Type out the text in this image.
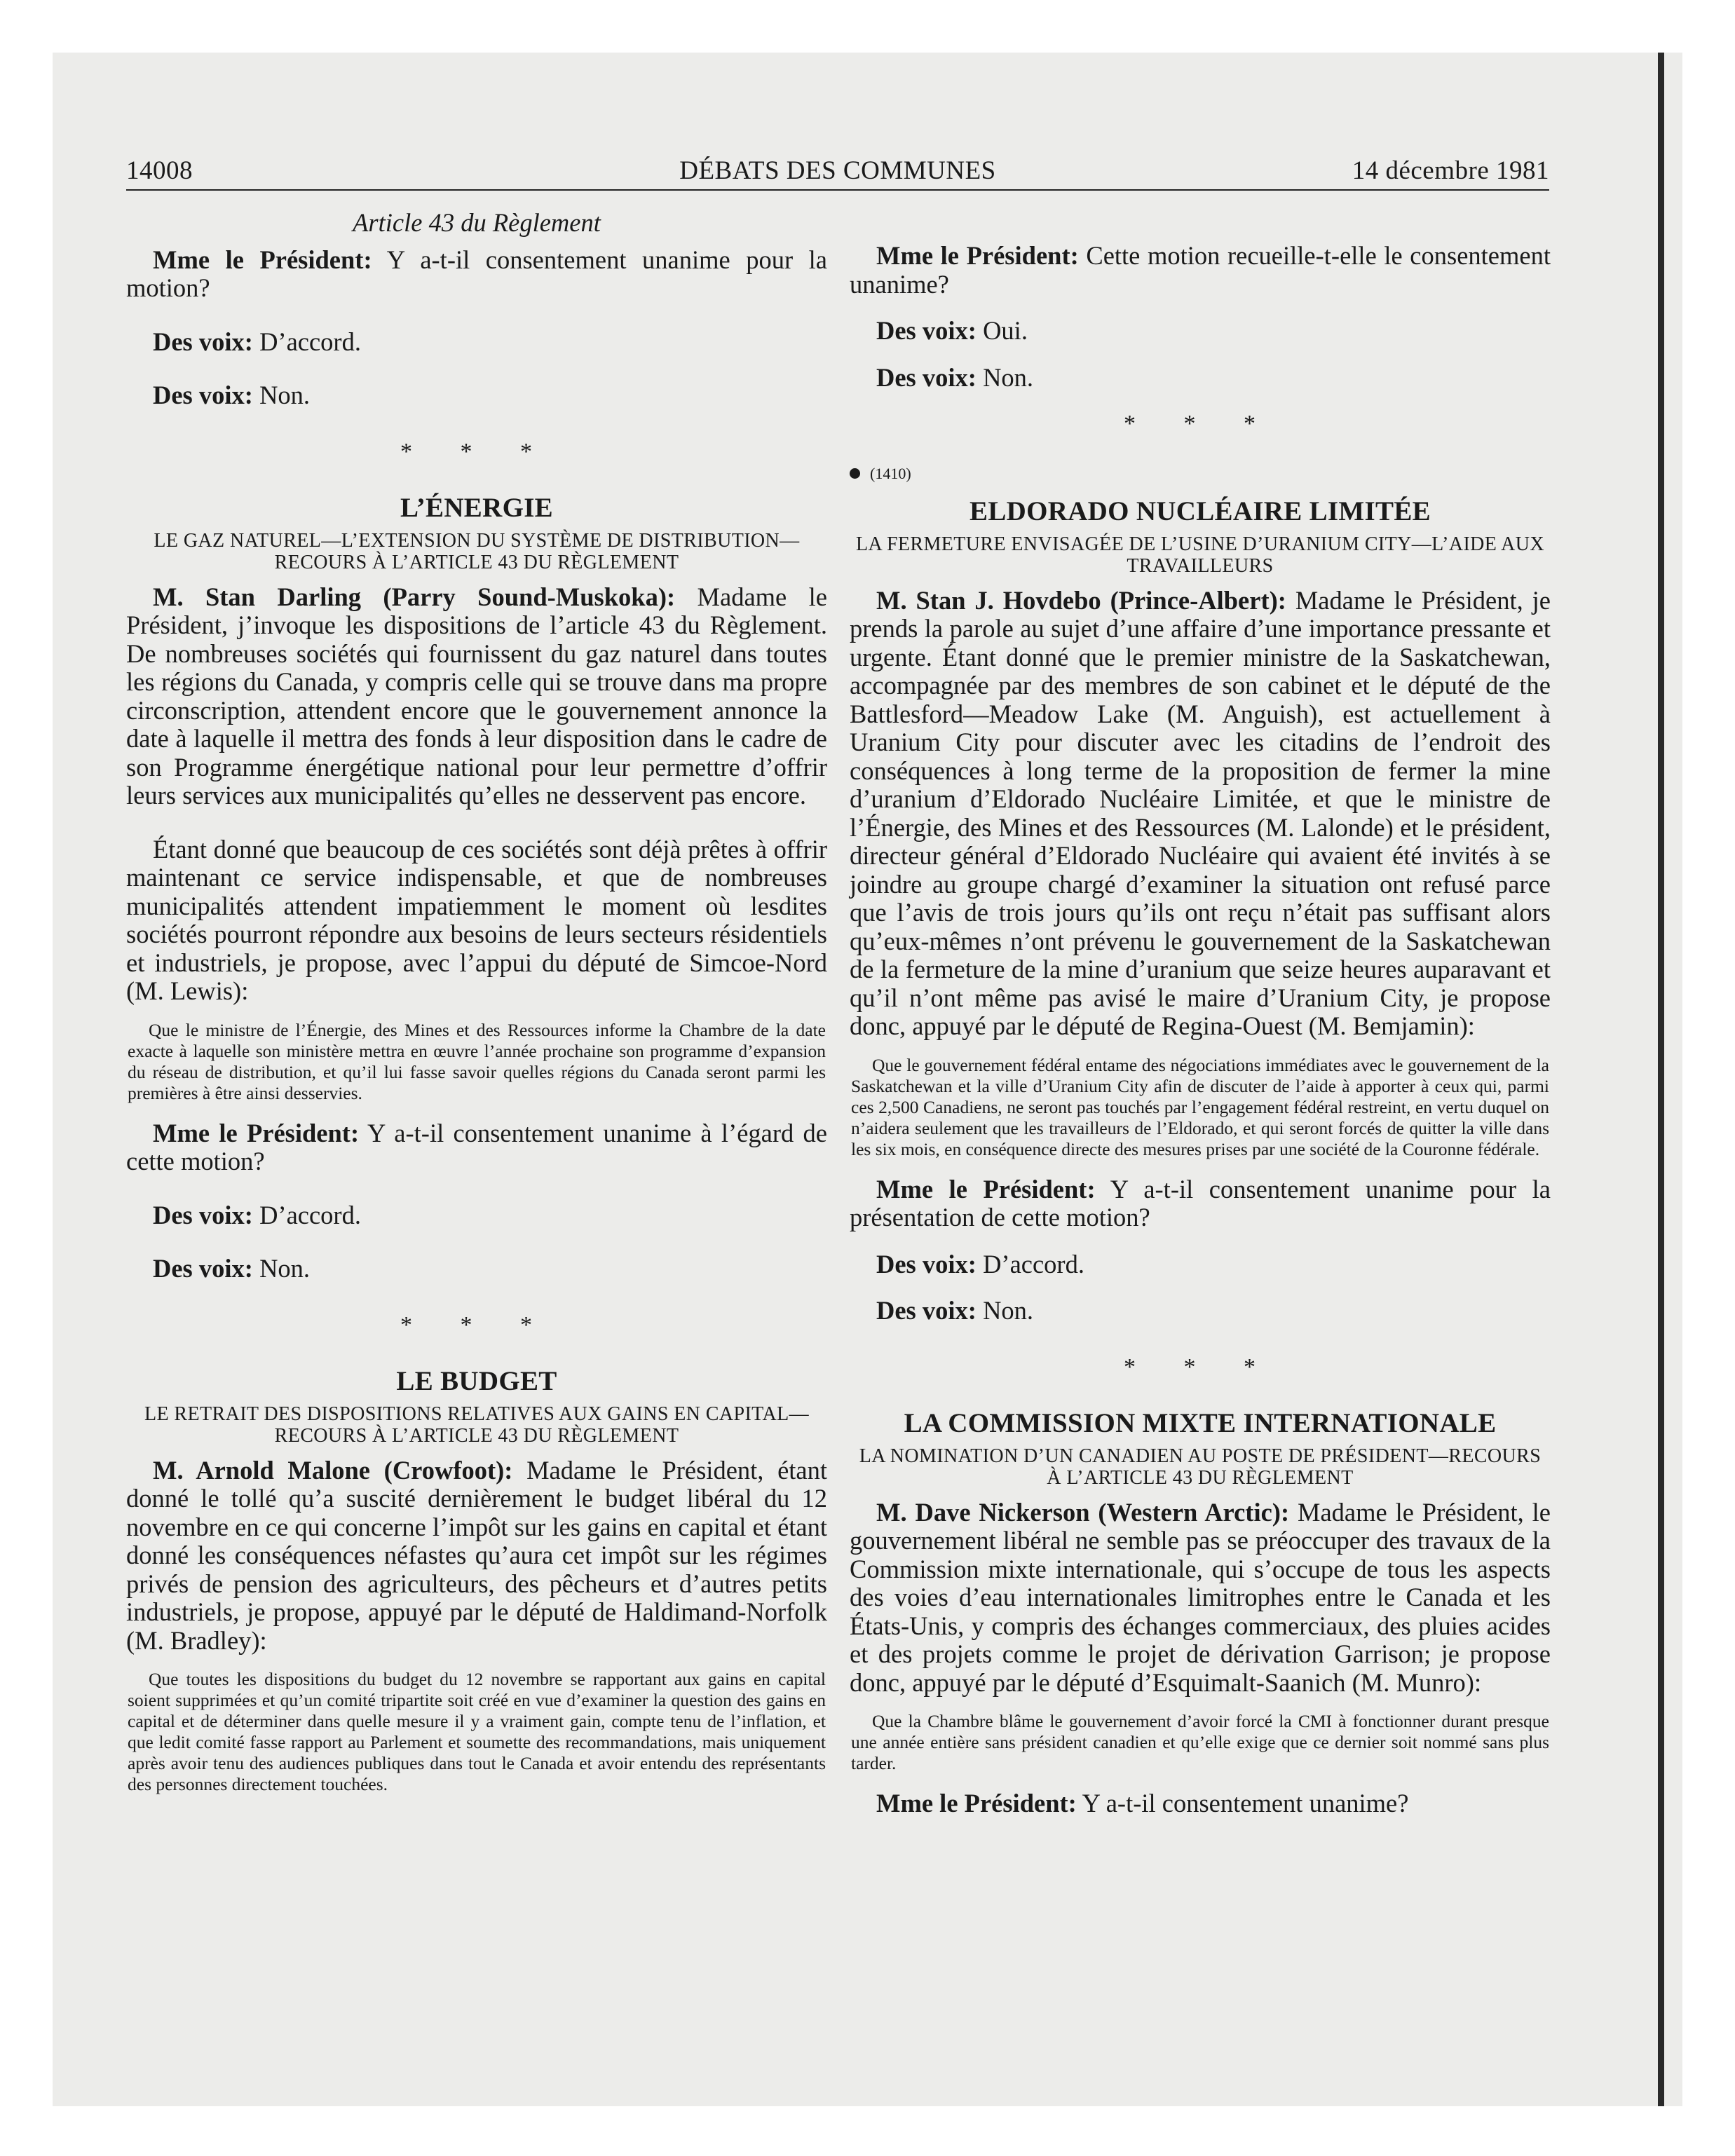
14008	DÉBATS DES COMMUNES	14 décembre 1981
Article 43 du Règlement

Mme le Président: Y a-t-il consentement unanime pour la motion?

Des voix: D’accord.

Des voix: Non.

* * *
L’ÉNERGIE
LE GAZ NATUREL—L’EXTENSION DU SYSTÈME DE DISTRIBUTION—RECOURS À L’ARTICLE 43 DU RÈGLEMENT

M. Stan Darling (Parry Sound-Muskoka): Madame le Président, j’invoque les dispositions de l’article 43 du Règlement. De nombreuses sociétés qui fournissent du gaz naturel dans toutes les régions du Canada, y compris celle qui se trouve dans ma propre circonscription, attendent encore que le gouvernement annonce la date à laquelle il mettra des fonds à leur disposition dans le cadre de son Programme énergétique national pour leur permettre d’offrir leurs services aux municipalités qu’elles ne desservent pas encore.

Étant donné que beaucoup de ces sociétés sont déjà prêtes à offrir maintenant ce service indispensable, et que de nombreuses municipalités attendent impatiemment le moment où lesdites sociétés pourront répondre aux besoins de leurs secteurs résidentiels et industriels, je propose, avec l’appui du député de Simcoe-Nord (M. Lewis):

Que le ministre de l’Énergie, des Mines et des Ressources informe la Chambre de la date exacte à laquelle son ministère mettra en œuvre l’année prochaine son programme d’expansion du réseau de distribution, et qu’il lui fasse savoir quelles régions du Canada seront parmi les premières à être ainsi desservies.

Mme le Président: Y a-t-il consentement unanime à l’égard de cette motion?

Des voix: D’accord.

Des voix: Non.

* * *
LE BUDGET
LE RETRAIT DES DISPOSITIONS RELATIVES AUX GAINS EN CAPITAL—RECOURS À L’ARTICLE 43 DU RÈGLEMENT

M. Arnold Malone (Crowfoot): Madame le Président, étant donné le tollé qu’a suscité dernièrement le budget libéral du 12 novembre en ce qui concerne l’impôt sur les gains en capital et étant donné les conséquences néfastes qu’aura cet impôt sur les régimes privés de pension des agriculteurs, des pêcheurs et d’autres petits industriels, je propose, appuyé par le député de Haldimand-Norfolk (M. Bradley):

Que toutes les dispositions du budget du 12 novembre se rapportant aux gains en capital soient supprimées et qu’un comité tripartite soit créé en vue d’examiner la question des gains en capital et de déterminer dans quelle mesure il y a vraiment gain, compte tenu de l’inflation, et que ledit comité fasse rapport au Parlement et soumette des recommandations, mais uniquement après avoir tenu des audiences publiques dans tout le Canada et avoir entendu des représentants des personnes directement touchées.

Mme le Président: Cette motion recueille-t-elle le consentement unanime?

Des voix: Oui.

Des voix: Non.

* * *
(1410)
ELDORADO NUCLÉAIRE LIMITÉE
LA FERMETURE ENVISAGÉE DE L’USINE D’URANIUM CITY—L’AIDE AUX TRAVAILLEURS

M. Stan J. Hovdebo (Prince-Albert): Madame le Président, je prends la parole au sujet d’une affaire d’une importance pressante et urgente. Étant donné que le premier ministre de la Saskatchewan, accompagnée par des membres de son cabinet et le député de the Battlesford—Meadow Lake (M. Anguish), est actuellement à Uranium City pour discuter avec les citadins de l’endroit des conséquences à long terme de la proposition de fermer la mine d’uranium d’Eldorado Nucléaire Limitée, et que le ministre de l’Énergie, des Mines et des Ressources (M. Lalonde) et le président, directeur général d’Eldorado Nucléaire qui avaient été invités à se joindre au groupe chargé d’examiner la situation ont refusé parce que l’avis de trois jours qu’ils ont reçu n’était pas suffisant alors qu’eux-mêmes n’ont prévenu le gouvernement de la Saskatchewan de la fermeture de la mine d’uranium que seize heures auparavant et qu’il n’ont même pas avisé le maire d’Uranium City, je propose donc, appuyé par le député de Regina-Ouest (M. Bemjamin):

Que le gouvernement fédéral entame des négociations immédiates avec le gouvernement de la Saskatchewan et la ville d’Uranium City afin de discuter de l’aide à apporter à ceux qui, parmi ces 2,500 Canadiens, ne seront pas touchés par l’engagement fédéral restreint, en vertu duquel on n’aidera seulement que les travailleurs de l’Eldorado, et qui seront forcés de quitter la ville dans les six mois, en conséquence directe des mesures prises par une société de la Couronne fédérale.

Mme le Président: Y a-t-il consentement unanime pour la présentation de cette motion?

Des voix: D’accord.

Des voix: Non.

* * *
LA COMMISSION MIXTE INTERNATIONALE
LA NOMINATION D’UN CANADIEN AU POSTE DE PRÉSIDENT—RECOURS À L’ARTICLE 43 DU RÈGLEMENT

M. Dave Nickerson (Western Arctic): Madame le Président, le gouvernement libéral ne semble pas se préoccuper des travaux de la Commission mixte internationale, qui s’occupe de tous les aspects des voies d’eau internationales limitrophes entre le Canada et les États-Unis, y compris des échanges commerciaux, des pluies acides et des projets comme le projet de dérivation Garrison; je propose donc, appuyé par le député d’Esquimalt-Saanich (M. Munro):

Que la Chambre blâme le gouvernement d’avoir forcé la CMI à fonctionner durant presque une année entière sans président canadien et qu’elle exige que ce dernier soit nommé sans plus tarder.

Mme le Président: Y a-t-il consentement unanime?
